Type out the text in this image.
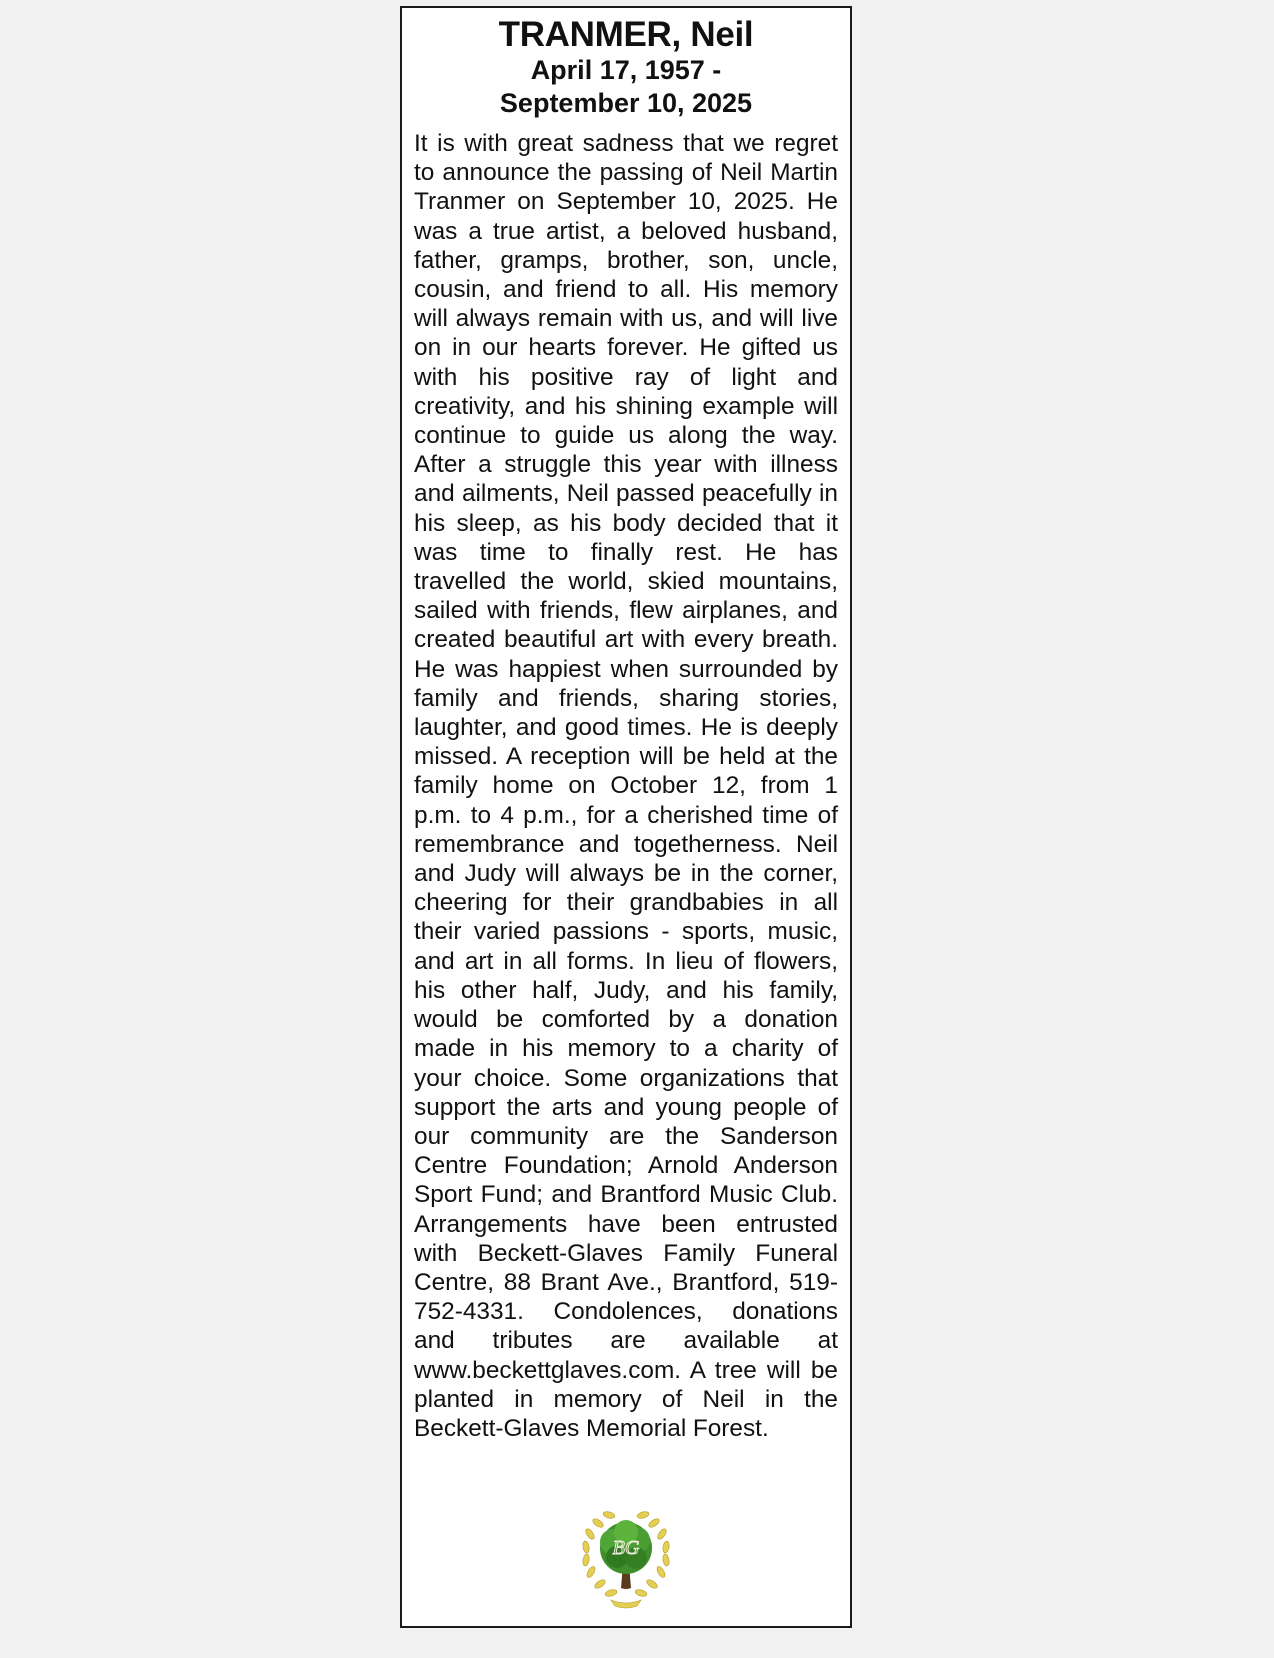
TRANMER, Neil
April 17, 1957 -
September 10, 2025
It is with great sadness that we regret to announce the passing of Neil Martin Tranmer on September 10, 2025. He was a true artist, a beloved husband, father, gramps, brother, son, uncle, cousin, and friend to all. His memory will always remain with us, and will live on in our hearts forever. He gifted us with his positive ray of light and creativity, and his shining example will continue to guide us along the way. After a struggle this year with illness and ailments, Neil passed peacefully in his sleep, as his body decided that it was time to finally rest. He has travelled the world, skied mountains, sailed with friends, flew airplanes, and created beautiful art with every breath. He was happiest when surrounded by family and friends, sharing stories, laughter, and good times. He is deeply missed. A reception will be held at the family home on October 12, from 1 p.m. to 4 p.m., for a cherished time of remembrance and togetherness. Neil and Judy will always be in the corner, cheering for their grandbabies in all their varied passions - sports, music, and art in all forms. In lieu of flowers, his other half, Judy, and his family, would be comforted by a donation made in his memory to a charity of your choice. Some organizations that support the arts and young people of our community are the Sanderson Centre Foundation; Arnold Anderson Sport Fund; and Brantford Music Club. Arrangements have been entrusted with Beckett-Glaves Family Funeral Centre, 88 Brant Ave., Brantford, 519-752-4331. Condolences, donations and tributes are available at www.beckettglaves.com. A tree will be planted in memory of Neil in the Beckett-Glaves Memorial Forest.
BG
